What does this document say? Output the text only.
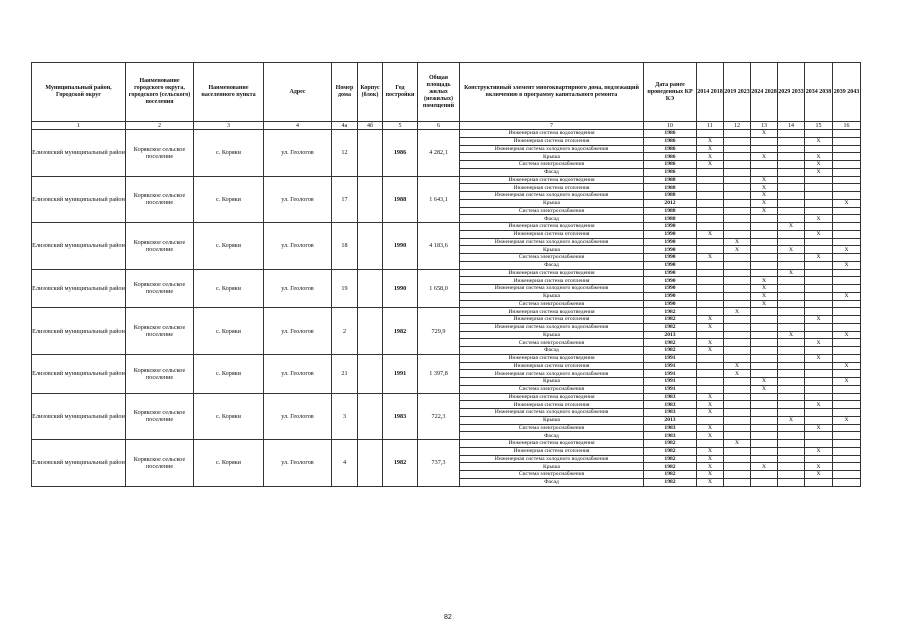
Муниципальный район, Городской округ	Наименование городского округа, городского (сельского) поселения	Наименование населенного пункта	Адрес	Номер дома	Корпус (блок)	Год постройки	Общая площадь жилых (нежилых) помещений	Конструктивный элемент многоквартирного дома, подлежащий включению в программу капитального ремонта	Дата ранее проведенных КР КЭ	2014 2018	2019 2023	2024 2028	2029 2033	2034 2038	2039 2043
1	2	3	4	4а	4б	5	6	7	10	11	12	13	14	15	16
Елизовский муниципальный район	Корякское сельское поселение	с. Коряки	ул. Геологов	12		1986	4 282,1	Инженерная система водоотведения	1986			X			
								Инженерная система отопления	1986	X				X	
								Инженерная система холодного водоснабжения	1986	X					
								Крыша	1986	X		X		X	
								Система электроснабжения	1986	X				X	
								Фасад	1986					X	
Елизовский муниципальный район	Корякское сельское поселение	с. Коряки	ул. Геологов	17		1988	1 643,1	Инженерная система водоотведения	1988			X			
								Инженерная система отопления	1988			X			
								Инженерная система холодного водоснабжения	1988			X			
								Крыша	2012			X			X
								Система электроснабжения	1988			X			
								Фасад	1988					X	
Елизовский муниципальный район	Корякское сельское поселение	с. Коряки	ул. Геологов	18		1990	4 183,6	Инженерная система водоотведения	1990				X		
								Инженерная система отопления	1990	X				X	
								Инженерная система холодного водоснабжения	1990		X				
								Крыша	1990		X		X		X
								Система электроснабжения	1990	X				X	
								Фасад	1990						X
Елизовский муниципальный район	Корякское сельское поселение	с. Коряки	ул. Геологов	19		1990	1 658,0	Инженерная система водоотведения	1990				X		
								Инженерная система отопления	1990			X			
								Инженерная система холодного водоснабжения	1990			X			
								Крыша	1990			X			X
								Система электроснабжения	1990			X			
Елизовский муниципальный район	Корякское сельское поселение	с. Коряки	ул. Геологов	2		1982	729,9	Инженерная система водоотведения	1982		X				
								Инженерная система отопления	1982	X				X	
								Инженерная система холодного водоснабжения	1982	X					
								Крыша	2013				X		X
								Система электроснабжения	1982	X				X	
								Фасад	1982	X					
Елизовский муниципальный район	Корякское сельское поселение	с. Коряки	ул. Геологов	21		1991	1 397,8	Инженерная система водоотведения	1991					X	
								Инженерная система отопления	1991		X				X
								Инженерная система холодного водоснабжения	1991		X				
								Крыша	1991			X			X
								Система электроснабжения	1991			X			
Елизовский муниципальный район	Корякское сельское поселение	с. Коряки	ул. Геологов	3		1983	722,3	Инженерная система водоотведения	1983	X					
								Инженерная система отопления	1983	X				X	
								Инженерная система холодного водоснабжения	1983	X					
								Крыша	2013				X		X
								Система электроснабжения	1983	X				X	
								Фасад	1983	X					
Елизовский муниципальный район	Корякское сельское поселение	с. Коряки	ул. Геологов	4		1982	737,3	Инженерная система водоотведения	1982		X				
								Инженерная система отопления	1982	X				X	
								Инженерная система холодного водоснабжения	1982	X					
								Крыша	1982	X		X		X	
								Система электроснабжения	1982	X				X	
								Фасад	1982	X					
82
